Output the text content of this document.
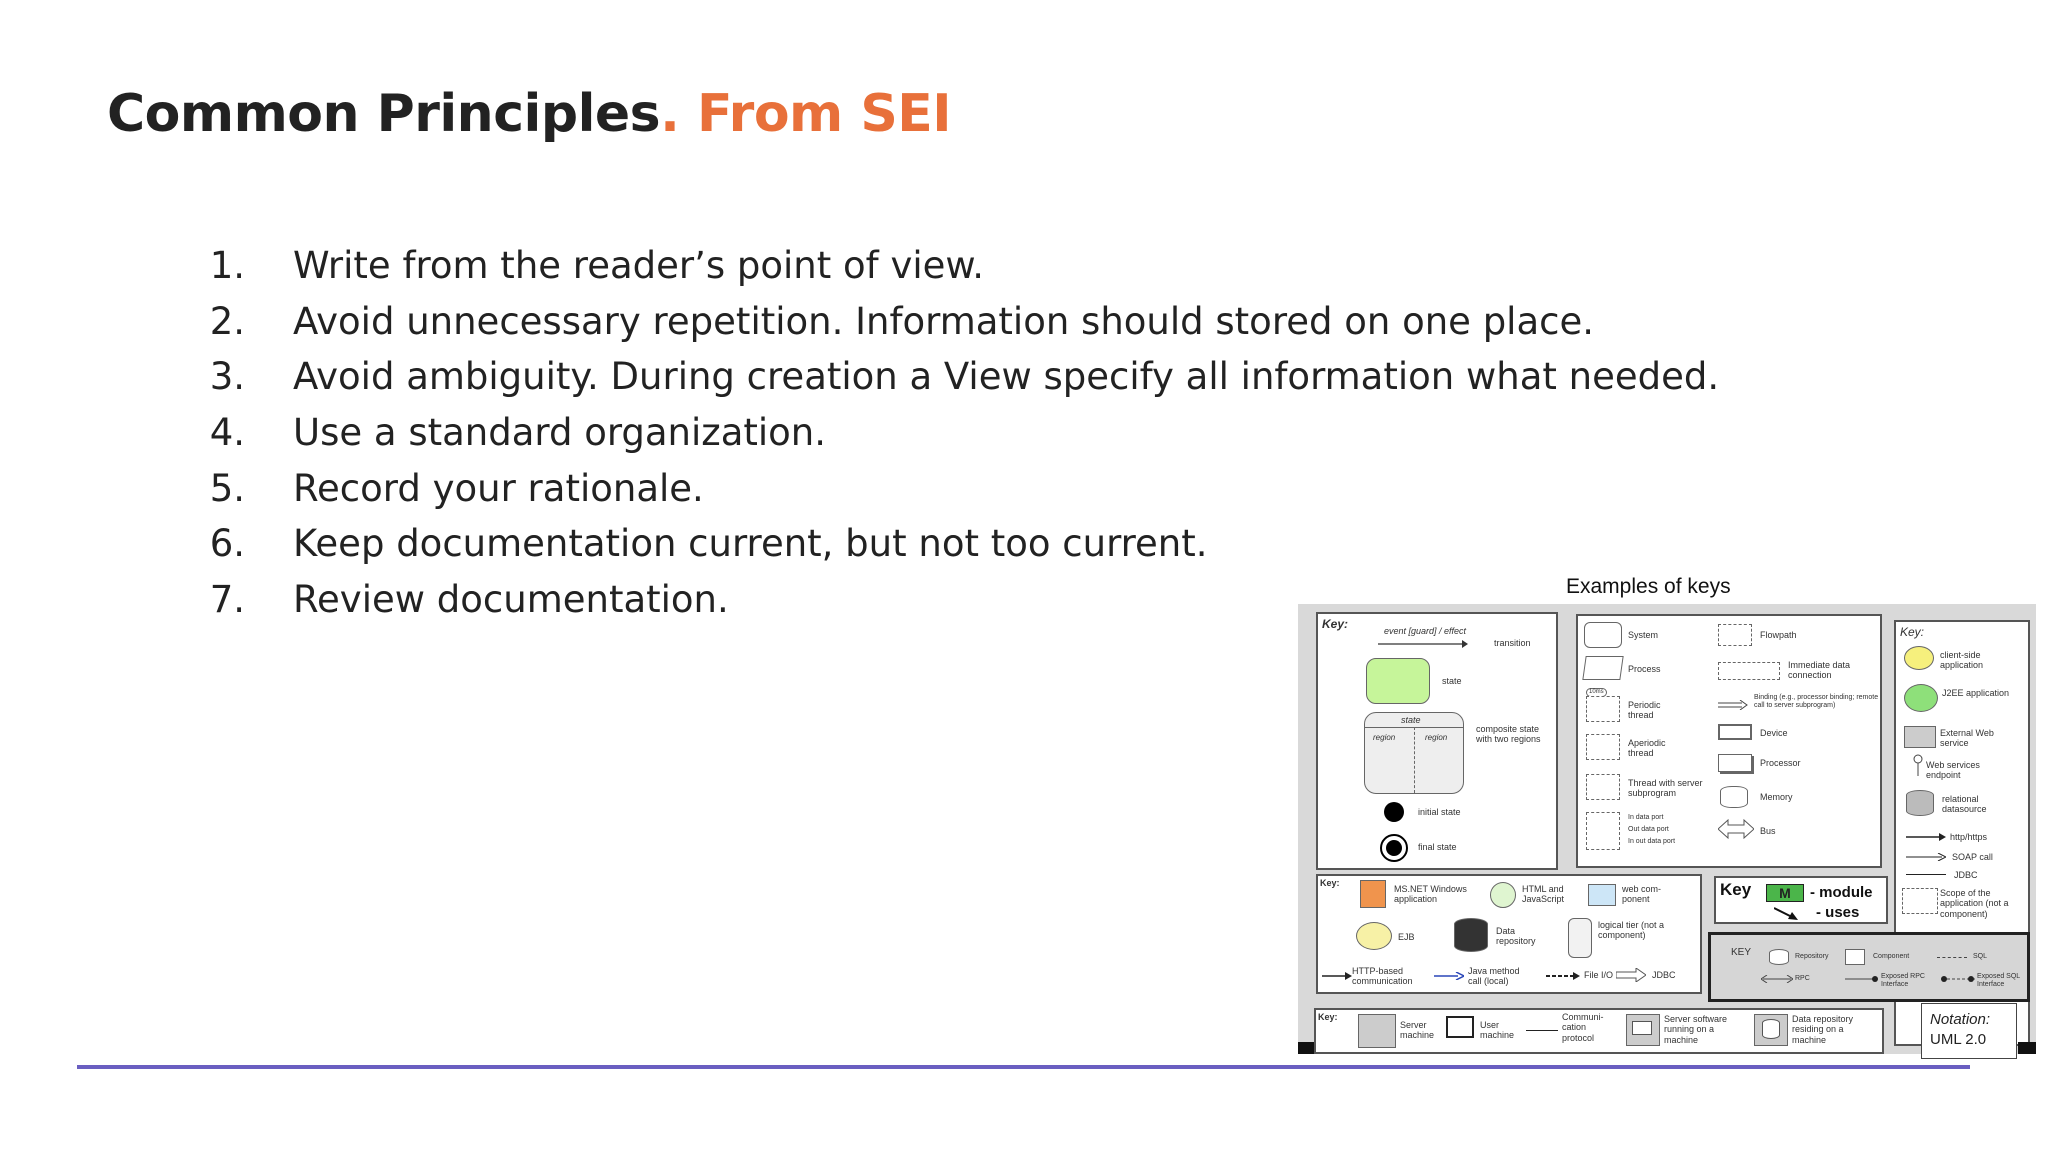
Common Principles. From SEI
1. Write from the reader’s point of view.
2. Avoid unnecessary repetition. Information should stored on one place.
3. Avoid ambiguity. During creation a View specify all information what needed.
4. Use a standard organization.
5. Record your rationale.
6. Keep documentation current, but not too current.
7. Review documentation.	Examples of keys
Key:	event [guard] / effect
transition
state
state
region	region
composite state with two regions
initial state
final state
System
Process
10ms
Periodic thread
Aperiodic thread
Thread with server subprogram
In data port
Out data port
In out data port
Flowpath
Immediate data connection
Binding (e.g., processor binding; remote call to server subprogram)
Device
Processor
Memory
Bus
Key:
client-side application
J2EE application
External Web service
Web services endpoint
relational datasource
http/https
SOAP call
JDBC
Scope of the application (not a component)
Key:
MS.NET Windows application
HTML and JavaScript
web com- ponent
EJB
Data repository
logical tier (not a component)
HTTP-based communication
Java method call (local)
File I/O	JDBC
Key	M	- module
- uses
KEY	Repository	Component	SQL
RPC	Exposed RPC Interface
Exposed SQL Interface
Key:
Server machine
User machine
Communi- cation protocol
Server software running on a machine
Data repository residing on a machine
Notation:
UML 2.0
